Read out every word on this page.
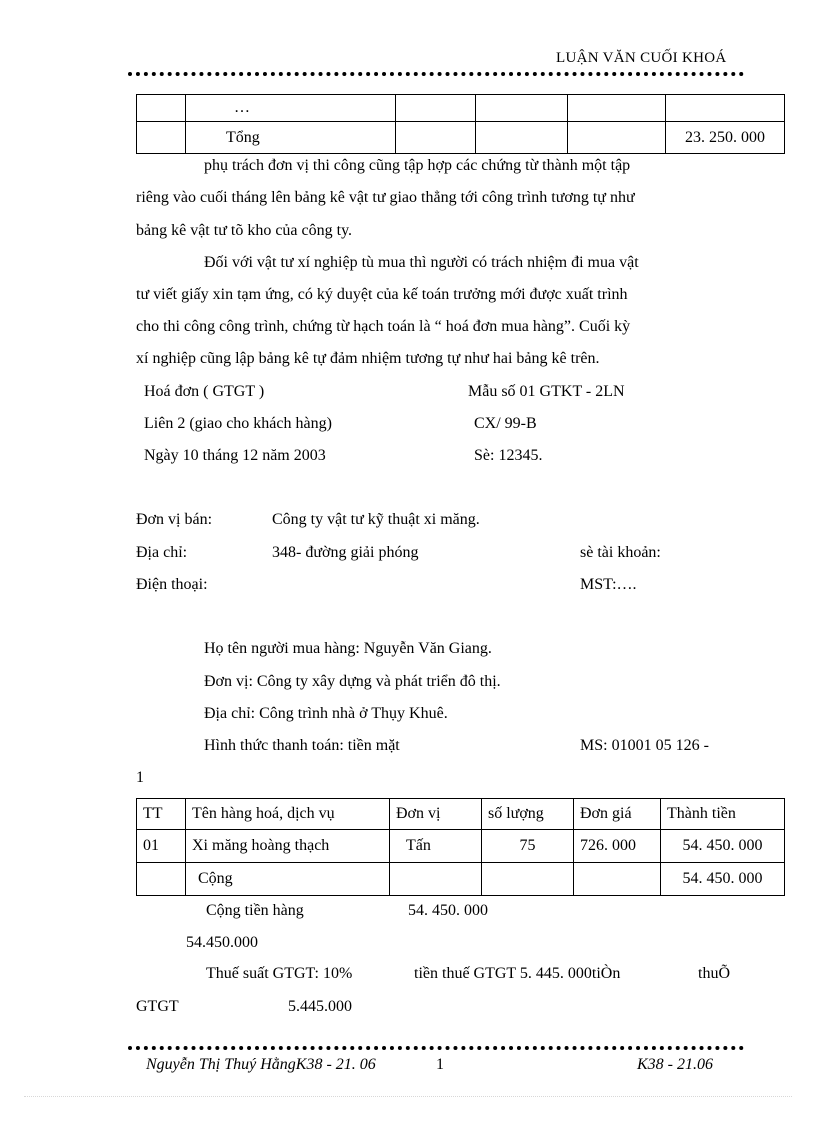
LUẬN VĂN CUỐI KHOÁ
	…				
	Tổng				23. 250. 000
phụ trách đơn vị thi công cũng tập hợp các chứng từ thành một tập
riêng vào cuối tháng lên bảng kê vật tư giao thẳng tới công trình tương tự như
bảng kê vật tư tõ kho của công ty.
Đối với vật tư xí nghiệp tù mua thì người có trách nhiệm đi mua vật
tư viết giấy xin tạm ứng, có ký duyệt của kế toán trưởng mới được xuất trình
cho thi công công trình, chứng từ hạch toán là “ hoá đơn mua hàng”. Cuối kỳ
xí nghiệp cũng lập bảng kê tự đảm nhiệm tương tự như hai bảng kê trên.
Hoá đơn ( GTGT )	Mẫu số 01 GTKT - 2LN
Liên 2 (giao cho khách hàng)	CX/ 99-B
Ngày 10 tháng 12 năm 2003	Sè: 12345.
Đơn vị bán:	Công ty vật tư kỹ thuật xi măng.
Địa chỉ:	348- đường giải phóng	sè tài khoản:
Điện thoại:	MST:….
Họ tên người mua hàng: Nguyễn Văn Giang.
Đơn vị: Công ty xây dựng và phát triển đô thị.
Địa chỉ: Công trình nhà ở Thụy Khuê.
Hình thức thanh toán: tiền mặt	MS: 01001 05 126 -
1
TT	Tên hàng hoá, dịch vụ	Đơn vị	số lượng	Đơn giá	Thành tiền
01	Xi măng hoàng thạch	Tấn	75	726. 000	54. 450. 000
	Cộng				54. 450. 000
Cộng tiền hàng	54. 450. 000
54.450.000
Thuế suất GTGT: 10%	tiền thuế GTGT 5. 445. 000tiÒn	thuÕ
GTGT	5.445.000
Nguyễn Thị Thuý HằngK38 - 21. 06	1	K38 - 21.06
